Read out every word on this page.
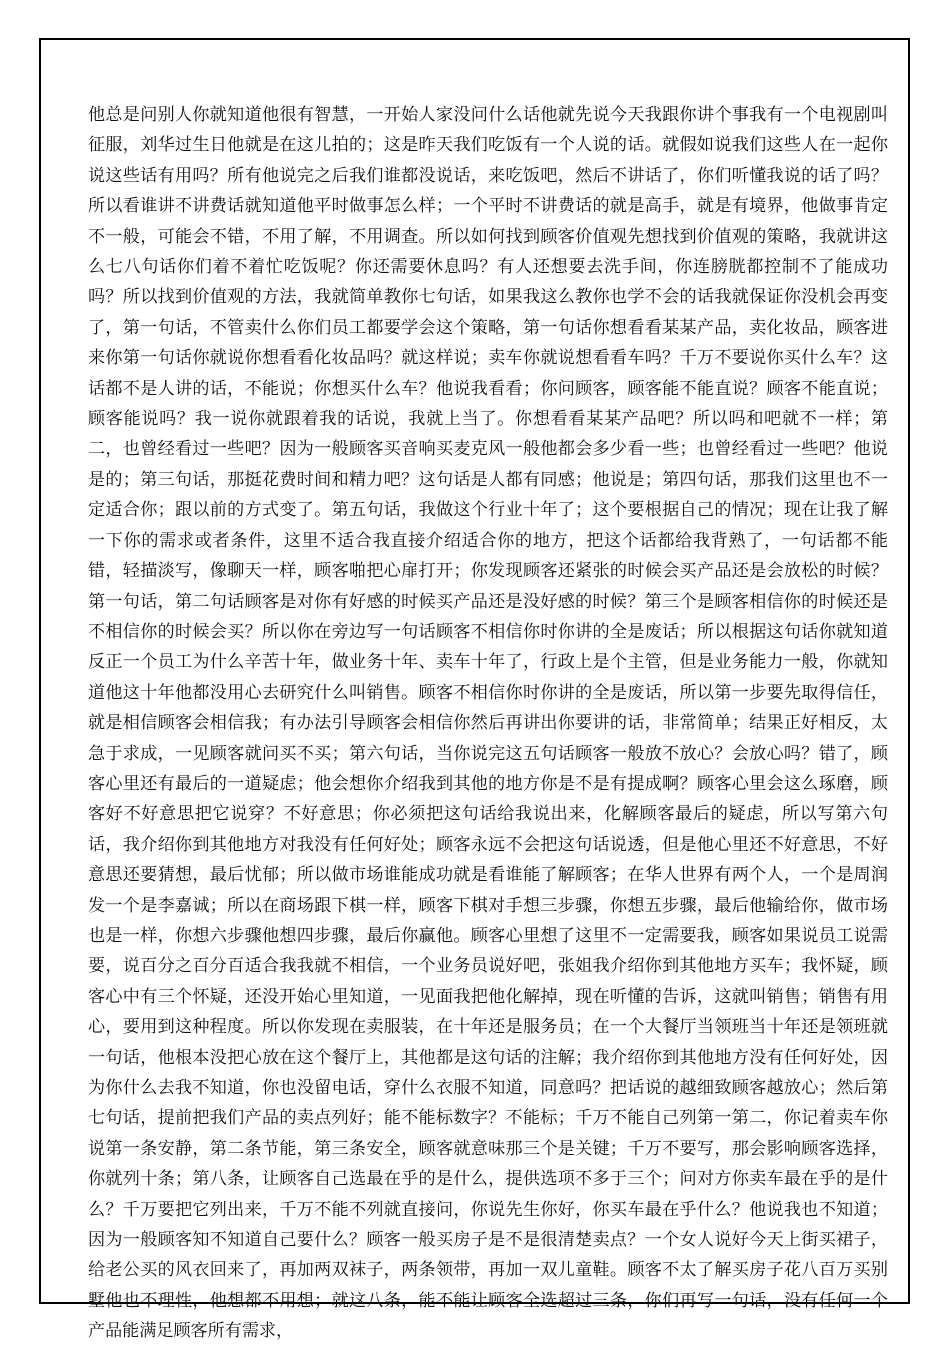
他总是问别人你就知道他很有智慧，一开始人家没问什么话他就先说今天我跟你讲个事我有一个电视剧叫征服，刘华过生日他就是在这儿拍的；这是昨天我们吃饭有一个人说的话。就假如说我们这些人在一起你说这些话有用吗？所有他说完之后我们谁都没说话，来吃饭吧，然后不讲话了，你们听懂我说的话了吗？所以看谁讲不讲费话就知道他平时做事怎么样；一个平时不讲费话的就是高手，就是有境界，他做事肯定不一般，可能会不错，不用了解，不用调查。所以如何找到顾客价值观先想找到价值观的策略，我就讲这么七八句话你们着不着忙吃饭呢？你还需要休息吗？有人还想要去洗手间，你连膀胱都控制不了能成功吗？所以找到价值观的方法，我就简单教你七句话，如果我这么教你也学不会的话我就保证你没机会再变了，第一句话，不管卖什么你们员工都要学会这个策略，第一句话你想看看某某产品，卖化妆品，顾客进来你第一句话你就说你想看看化妆品吗？就这样说；卖车你就说想看看车吗？千万不要说你买什么车？这话都不是人讲的话，不能说；你想买什么车？他说我看看；你问顾客，顾客能不能直说？顾客不能直说；顾客能说吗？我一说你就跟着我的话说，我就上当了。你想看看某某产品吧？所以吗和吧就不一样；第二，也曾经看过一些吧？因为一般顾客买音响买麦克风一般他都会多少看一些；也曾经看过一些吧？他说是的；第三句话，那挺花费时间和精力吧？这句话是人都有同感；他说是；第四句话，那我们这里也不一定适合你；跟以前的方式变了。第五句话，我做这个行业十年了；这个要根据自己的情况；现在让我了解一下你的需求或者条件，这里不适合我直接介绍适合你的地方，把这个话都给我背熟了，一句话都不能错，轻描淡写，像聊天一样，顾客啪把心扉打开；你发现顾客还紧张的时候会买产品还是会放松的时候？第一句话，第二句话顾客是对你有好感的时候买产品还是没好感的时候？第三个是顾客相信你的时候还是不相信你的时候会买？所以你在旁边写一句话顾客不相信你时你讲的全是废话；所以根据这句话你就知道反正一个员工为什么辛苦十年，做业务十年、卖车十年了，行政上是个主管，但是业务能力一般，你就知道他这十年他都没用心去研究什么叫销售。顾客不相信你时你讲的全是废话，所以第一步要先取得信任，就是相信顾客会相信我；有办法引导顾客会相信你然后再讲出你要讲的话，非常简单；结果正好相反，太急于求成，一见顾客就问买不买；第六句话，当你说完这五句话顾客一般放不放心？会放心吗？错了，顾客心里还有最后的一道疑虑；他会想你介绍我到其他的地方你是不是有提成啊？顾客心里会这么琢磨，顾客好不好意思把它说穿？不好意思；你必须把这句话给我说出来，化解顾客最后的疑虑，所以写第六句话，我介绍你到其他地方对我没有任何好处；顾客永远不会把这句话说透，但是他心里还不好意思，不好意思还要猜想，最后忧郁；所以做市场谁能成功就是看谁能了解顾客；在华人世界有两个人，一个是周润发一个是李嘉诚；所以在商场跟下棋一样，顾客下棋对手想三步骤，你想五步骤，最后他输给你，做市场也是一样，你想六步骤他想四步骤，最后你赢他。顾客心里想了这里不一定需要我，顾客如果说员工说需要，说百分之百分百适合我我就不相信，一个业务员说好吧，张姐我介绍你到其他地方买车；我怀疑，顾客心中有三个怀疑，还没开始心里知道，一见面我把他化解掉，现在听懂的告诉，这就叫销售；销售有用心，要用到这种程度。所以你发现在卖服装，在十年还是服务员；在一个大餐厅当领班当十年还是领班就一句话，他根本没把心放在这个餐厅上，其他都是这句话的注解；我介绍你到其他地方没有任何好处，因为你什么去我不知道，你也没留电话，穿什么衣服不知道，同意吗？把话说的越细致顾客越放心；然后第七句话，提前把我们产品的卖点列好；能不能标数字？不能标；千万不能自己列第一第二，你记着卖车你说第一条安静，第二条节能，第三条安全，顾客就意味那三个是关键；千万不要写，那会影响顾客选择，你就列十条；第八条，让顾客自己选最在乎的是什么，提供选项不多于三个；问对方你卖车最在乎的是什么？千万要把它列出来，千万不能不列就直接问，你说先生你好，你买车最在乎什么？他说我也不知道；因为一般顾客知不知道自己要什么？顾客一般买房子是不是很清楚卖点？一个女人说好今天上街买裙子，给老公买的风衣回来了，再加两双袜子，两条领带，再加一双儿童鞋。顾客不太了解买房子花八百万买别墅他也不理性，他想都不用想；就这八条，能不能让顾客全选超过三条，你们再写一句话，没有任何一个产品能满足顾客所有需求，
